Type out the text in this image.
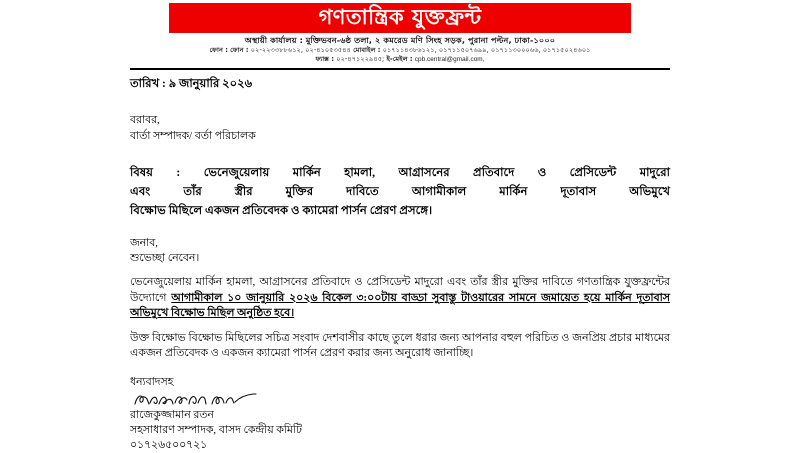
গণতান্ত্রিক যুক্তফ্রন্ট
অস্থায়ী কার্যালয় : মুক্তিভবন-৬ষ্ঠ তলা, ২ কমরেড মণি সিংহ সড়ক, পুরানা পল্টন, ঢাকা-১০০০
ফোন : ফোন : ০২-২২৩৩৮৮৬১২, ০২-৪১০৫৩৫৪৪ মোবাইল : ০১৭১১৪৩৮৬১২১, ০১৭১১৫০৭৬৯৯, ০১৭১১৩০০০৬৬, ০১৭১৫০২৪৬০১
ফ্যাক্স : ০২-৪৭১২২৯৪৫; ই-মেইল : cpb.central@gmail.com,
তারিখ : ৯ জানুয়ারি ২০২৬
বরাবর,
বার্তা সম্পাদক/ বর্তা পরিচালক
বিষয় : ভেনেজুয়েলায় মার্কিন হামলা, আগ্রাসনের প্রতিবাদে ও প্রেসিডেন্ট মাদুরো
এবং তাঁর স্ত্রীর মুক্তির দাবিতে আগামীকাল মার্কিন দূতাবাস অভিমুখে
বিক্ষোভ মিছিলে একজন প্রতিবেদক ও ক্যামেরা পার্সন প্রেরণ প্রসঙ্গে।
জনাব,
শুভেচ্ছা নেবেন।
ভেনেজুয়েলায় মার্কিন হামলা, আগ্রাসনের প্রতিবাদে ও প্রেসিডেন্ট মাদুরো এবং তাঁর স্ত্রীর মুক্তির দাবিতে গণতান্ত্রিক যুক্তফ্রন্টের উদ্যোগে আগামীকাল ১০ জানুয়ারি ২০২৬ বিকেল ৩:০০টায় বাড্ডা সুবাস্তু টাওয়ারের সামনে জমায়েত হয়ে মার্কিন দূতাবাস অভিমুখে বিক্ষোভ মিছিল অনুষ্ঠিত হবে।
উক্ত বিক্ষোভ বিক্ষোভ মিছিলের সচিত্র সংবাদ দেশবাসীর কাছে তুলে ধরার জন্য আপনার বহুল পরিচিত ও জনপ্রিয় প্রচার মাধ্যমের একজন প্রতিবেদক ও একজন ক্যামেরা পার্সন প্রেরণ করার জন্য অনুরোধ জানাচ্ছি।
ধন্যবাদসহ
রাজেকুজ্জামান রতন
সহসাধারণ সম্পাদক, বাসদ কেন্দ্রীয় কমিটি
০১৭২৬৫০০৭২১
